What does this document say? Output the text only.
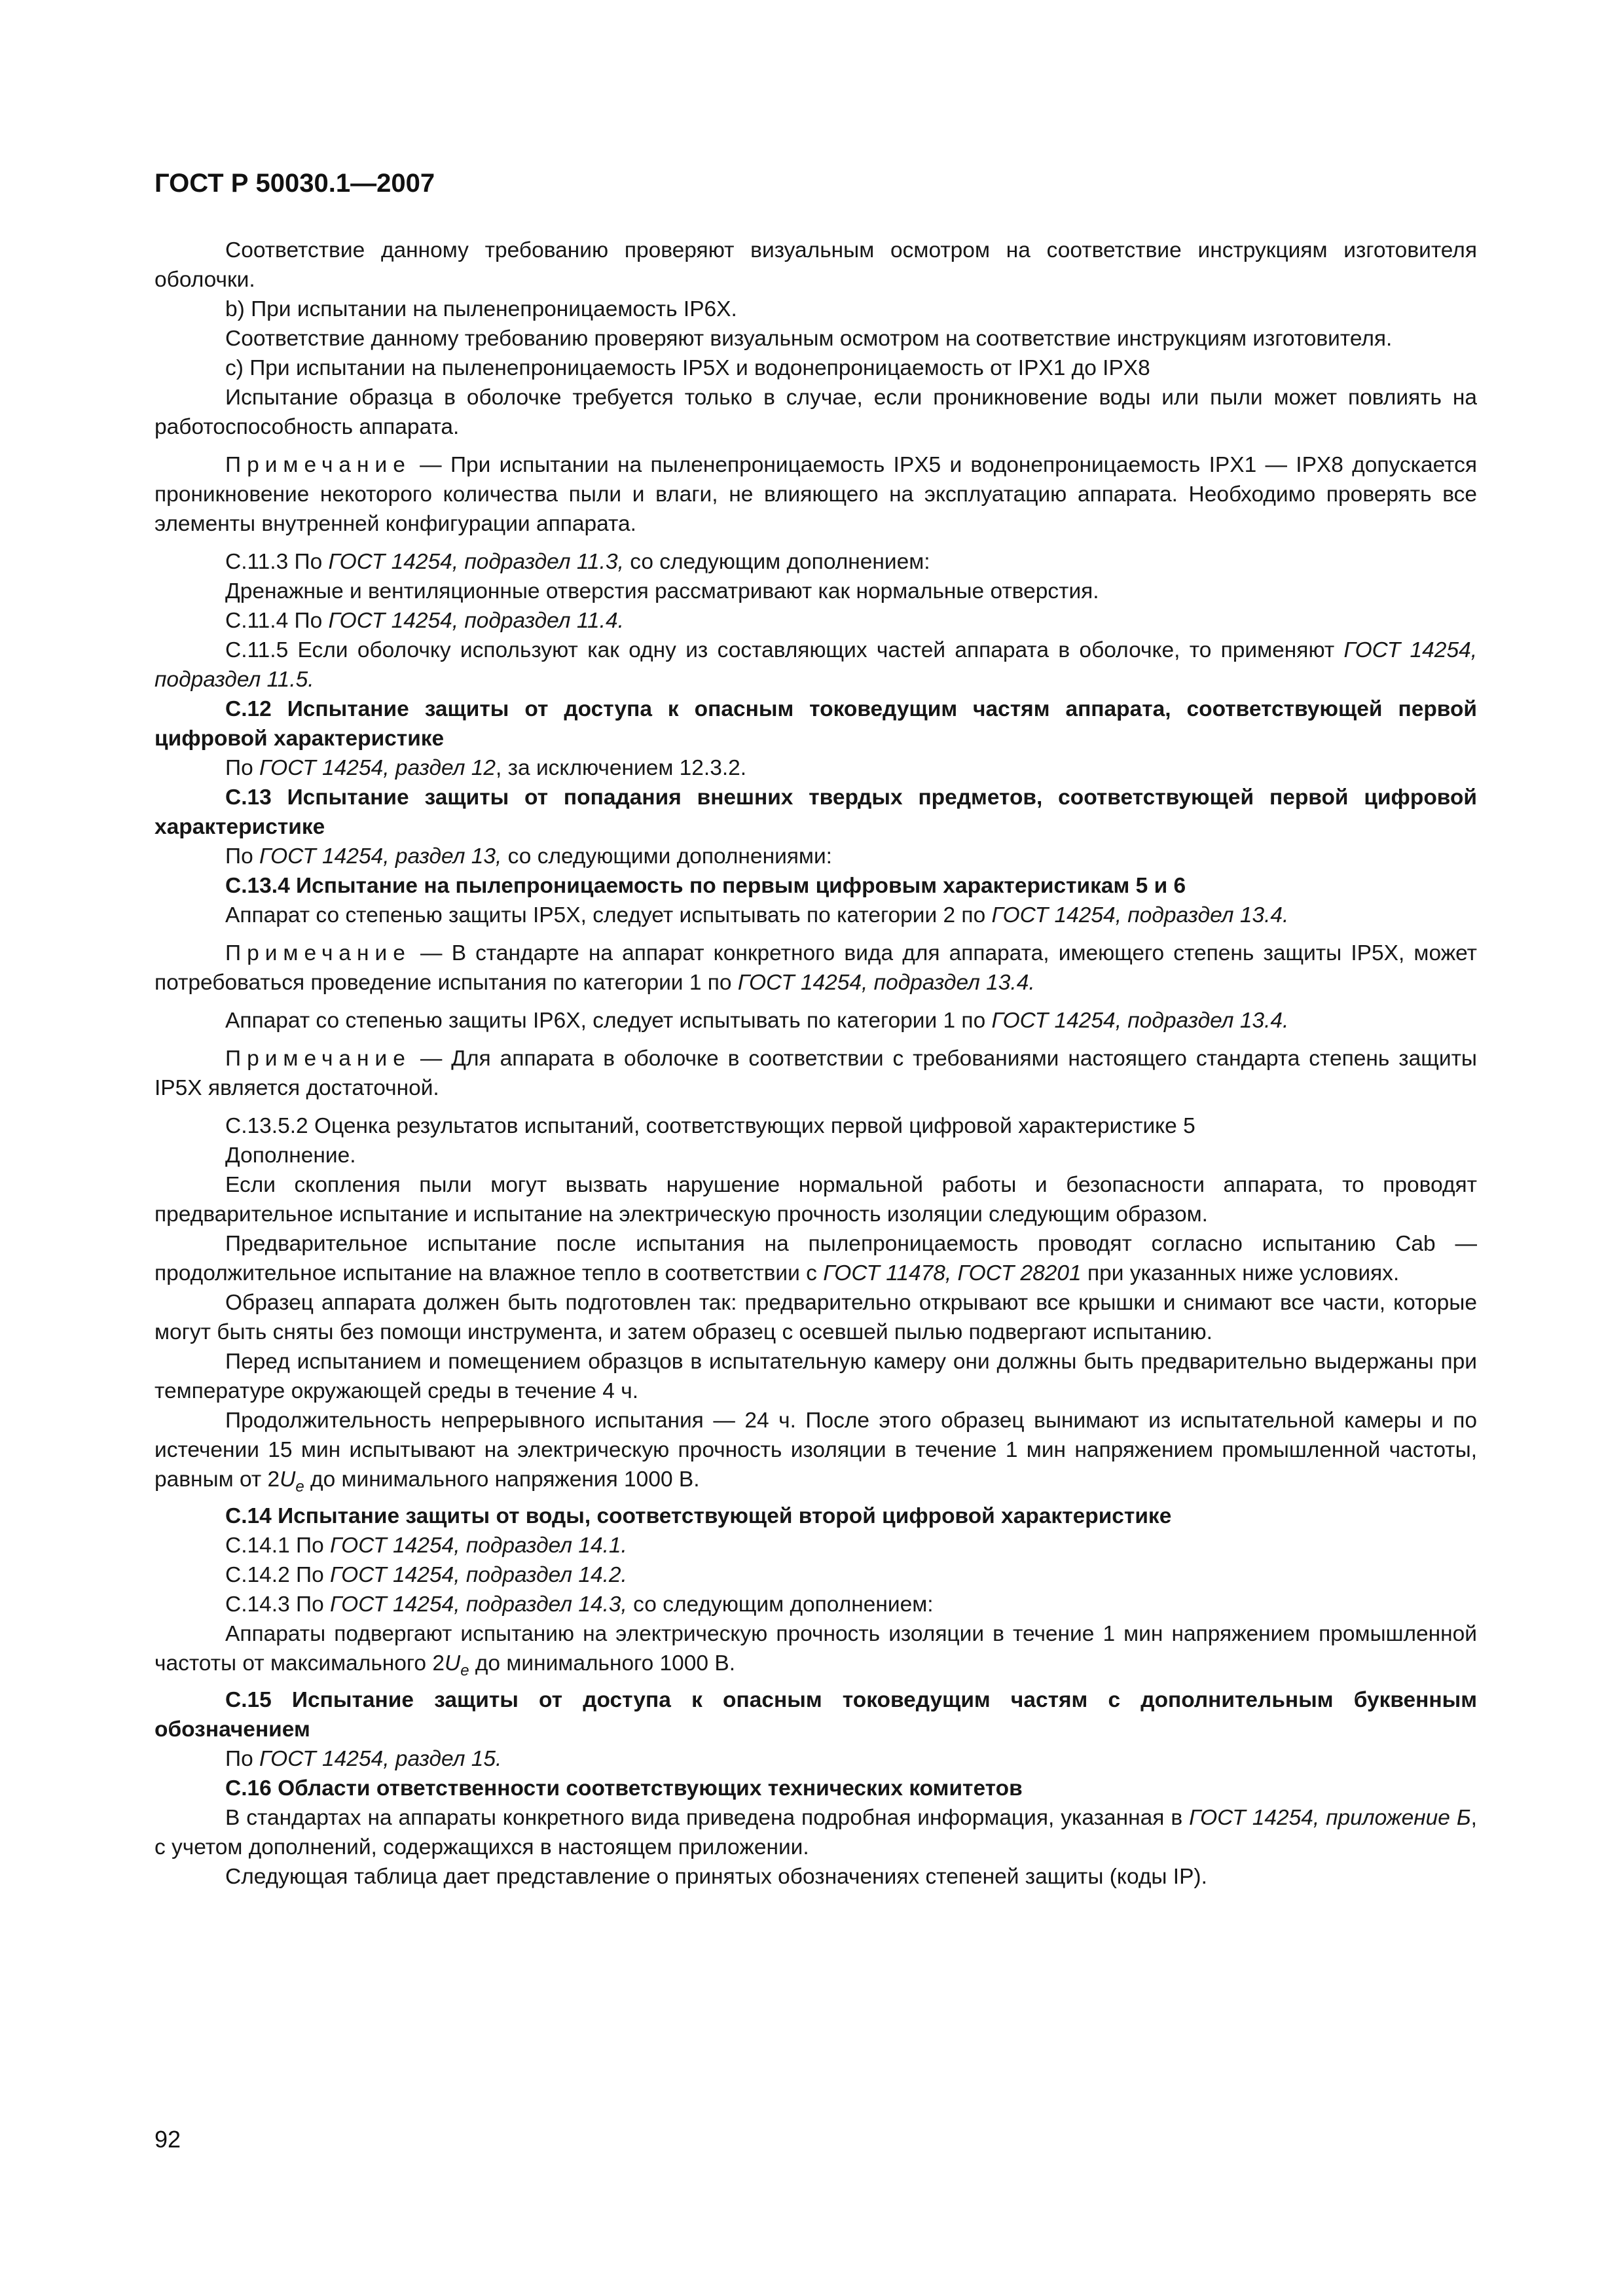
ГОСТ Р 50030.1—2007

Соответствие данному требованию проверяют визуальным осмотром на соответствие инструкциям изготовителя оболочки.

b) При испытании на пыленепроницаемость IP6X.

Соответствие данному требованию проверяют визуальным осмотром на соответствие инструкциям изготовителя.

c) При испытании на пыленепроницаемость IP5X и водонепроницаемость от IPX1 до IPX8

Испытание образца в оболочке требуется только в случае, если проникновение воды или пыли может повлиять на работоспособность аппарата.

Примечание — При испытании на пыленепроницаемость IPX5 и водонепроницаемость IPX1 — IPX8 допускается проникновение некоторого количества пыли и влаги, не влияющего на эксплуатацию аппарата. Необходимо проверять все элементы внутренней конфигурации аппарата.

С.11.3 По ГОСТ 14254, подраздел 11.3, со следующим дополнением:

Дренажные и вентиляционные отверстия рассматривают как нормальные отверстия.

С.11.4 По ГОСТ 14254, подраздел 11.4.

С.11.5 Если оболочку используют как одну из составляющих частей аппарата в оболочке, то применяют ГОСТ 14254, подраздел 11.5.

С.12 Испытание защиты от доступа к опасным токоведущим частям аппарата, соответствующей первой цифровой характеристике

По ГОСТ 14254, раздел 12, за исключением 12.3.2.

С.13 Испытание защиты от попадания внешних твердых предметов, соответствующей первой цифровой характеристике

По ГОСТ 14254, раздел 13, со следующими дополнениями:

С.13.4 Испытание на пылепроницаемость по первым цифровым характеристикам 5 и 6

Аппарат со степенью защиты IP5X, следует испытывать по категории 2 по ГОСТ 14254, подраздел 13.4.

Примечание — В стандарте на аппарат конкретного вида для аппарата, имеющего степень защиты IP5X, может потребоваться проведение испытания по категории 1 по ГОСТ 14254, подраздел 13.4.

Аппарат со степенью защиты IP6X, следует испытывать по категории 1 по ГОСТ 14254, подраздел 13.4.

Примечание — Для аппарата в оболочке в соответствии с требованиями настоящего стандарта степень защиты IP5X является достаточной.

С.13.5.2 Оценка результатов испытаний, соответствующих первой цифровой характеристике 5

Дополнение.

Если скопления пыли могут вызвать нарушение нормальной работы и безопасности аппарата, то проводят предварительное испытание и испытание на электрическую прочность изоляции следующим образом.

Предварительное испытание после испытания на пылепроницаемость проводят согласно испытанию Cab — продолжительное испытание на влажное тепло в соответствии с ГОСТ 11478, ГОСТ 28201 при указанных ниже условиях.

Образец аппарата должен быть подготовлен так: предварительно открывают все крышки и снимают все части, которые могут быть сняты без помощи инструмента, и затем образец с осевшей пылью подвергают испытанию.

Перед испытанием и помещением образцов в испытательную камеру они должны быть предварительно выдержаны при температуре окружающей среды в течение 4 ч.

Продолжительность непрерывного испытания — 24 ч. После этого образец вынимают из испытательной камеры и по истечении 15 мин испытывают на электрическую прочность изоляции в течение 1 мин напряжением промышленной частоты, равным от $2U_e$ до минимального напряжения 1000 В.

С.14 Испытание защиты от воды, соответствующей второй цифровой характеристике

С.14.1 По ГОСТ 14254, подраздел 14.1.

С.14.2 По ГОСТ 14254, подраздел 14.2.

С.14.3 По ГОСТ 14254, подраздел 14.3, со следующим дополнением:

Аппараты подвергают испытанию на электрическую прочность изоляции в течение 1 мин напряжением промышленной частоты от максимального $2U_e$ до минимального 1000 В.

С.15 Испытание защиты от доступа к опасным токоведущим частям с дополнительным буквенным обозначением

По ГОСТ 14254, раздел 15.

С.16 Области ответственности соответствующих технических комитетов

В стандартах на аппараты конкретного вида приведена подробная информация, указанная в ГОСТ 14254, приложение Б, с учетом дополнений, содержащихся в настоящем приложении.

Следующая таблица дает представление о принятых обозначениях степеней защиты (коды IP).

92
